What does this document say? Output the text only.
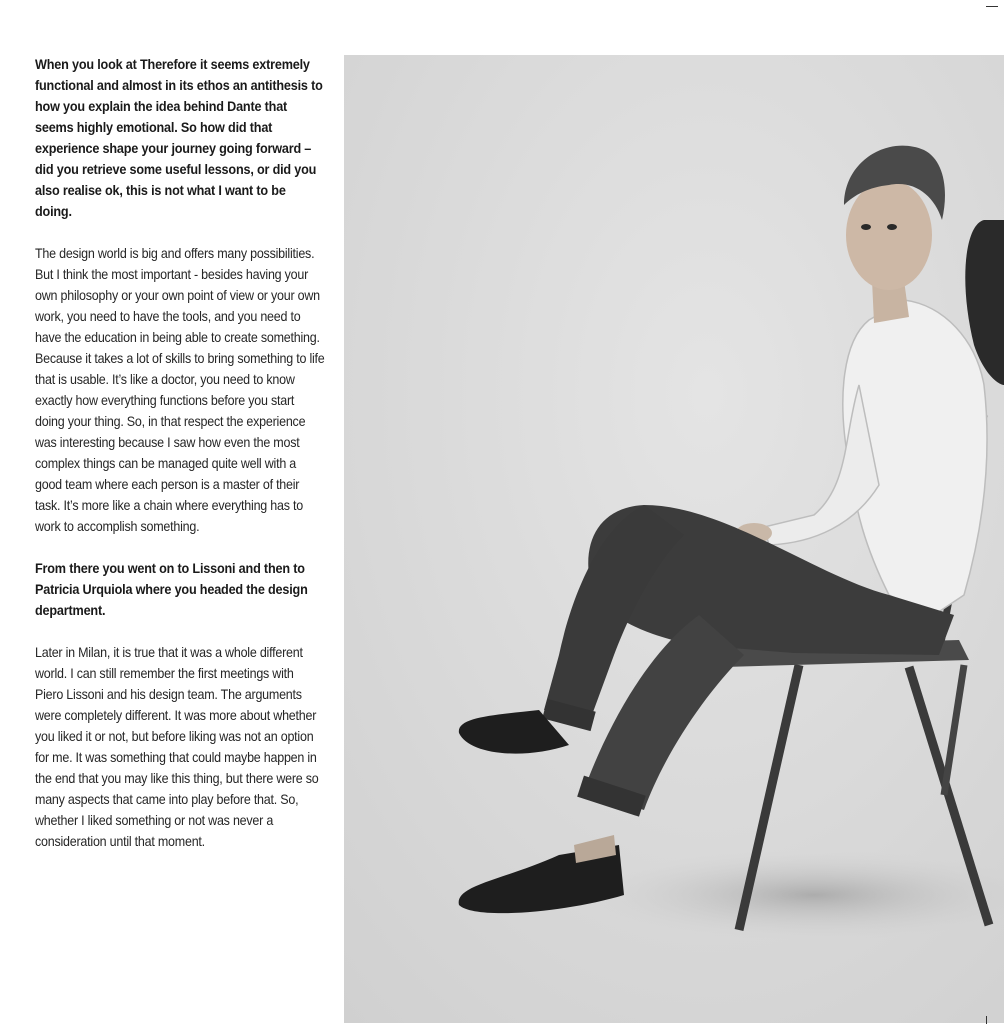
When you look at Therefore it seems extremely functional and almost in its ethos an antithesis to how you explain the idea behind Dante that seems highly emotional. So how did that experience shape your journey going forward – did you retrieve some useful lessons, or did you also realise ok, this is not what I want to be doing.

The design world is big and offers many possibilities. But I think the most important - besides having your own philosophy or your own point of view or your own work, you need to have the tools, and you need to have the education in being able to create something. Because it takes a lot of skills to bring something to life that is usable. It’s like a doctor, you need to know exactly how everything functions before you start doing your thing. So, in that respect the experience was interesting because I saw how even the most complex things can be managed quite well with a good team where each person is a master of their task. It’s more like a chain where everything has to work to accomplish something.

From there you went on to Lissoni and then to Patricia Urquiola where you headed the design department.

Later in Milan, it is true that it was a whole different world. I can still remember the first meetings with Piero Lissoni and his design team. The arguments were completely different. It was more about whether you liked it or not, but before liking was not an option for me. It was something that could maybe happen in the end that you may like this thing, but there were so many aspects that came into play before that. So, whether I liked something or not was never a consideration until that moment.
